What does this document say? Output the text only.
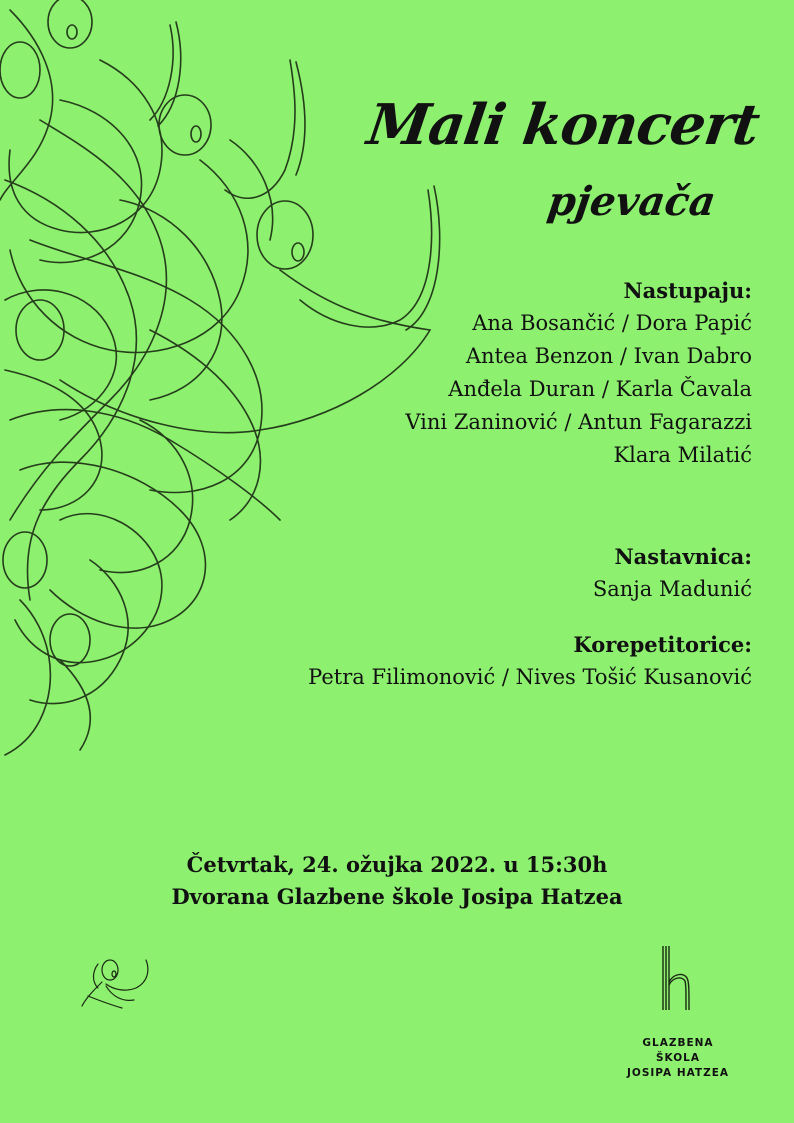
Mali koncert
pjevača
Nastupaju:
Ana Bosančić / Dora Papić
Antea Benzon / Ivan Dabro
Anđela Duran / Karla Čavala
Vini Zaninović / Antun Fagarazzi
Klara Milatić
Nastavnica:
Sanja Madunić
Korepetitorice:
Petra Filimonović / Nives Tošić Kusanović
Četvrtak, 24. ožujka 2022. u 15:30h
Dvorana Glazbene škole Josipa Hatzea
GLAZBENA ŠKOLA
JOSIPA HATZEA
